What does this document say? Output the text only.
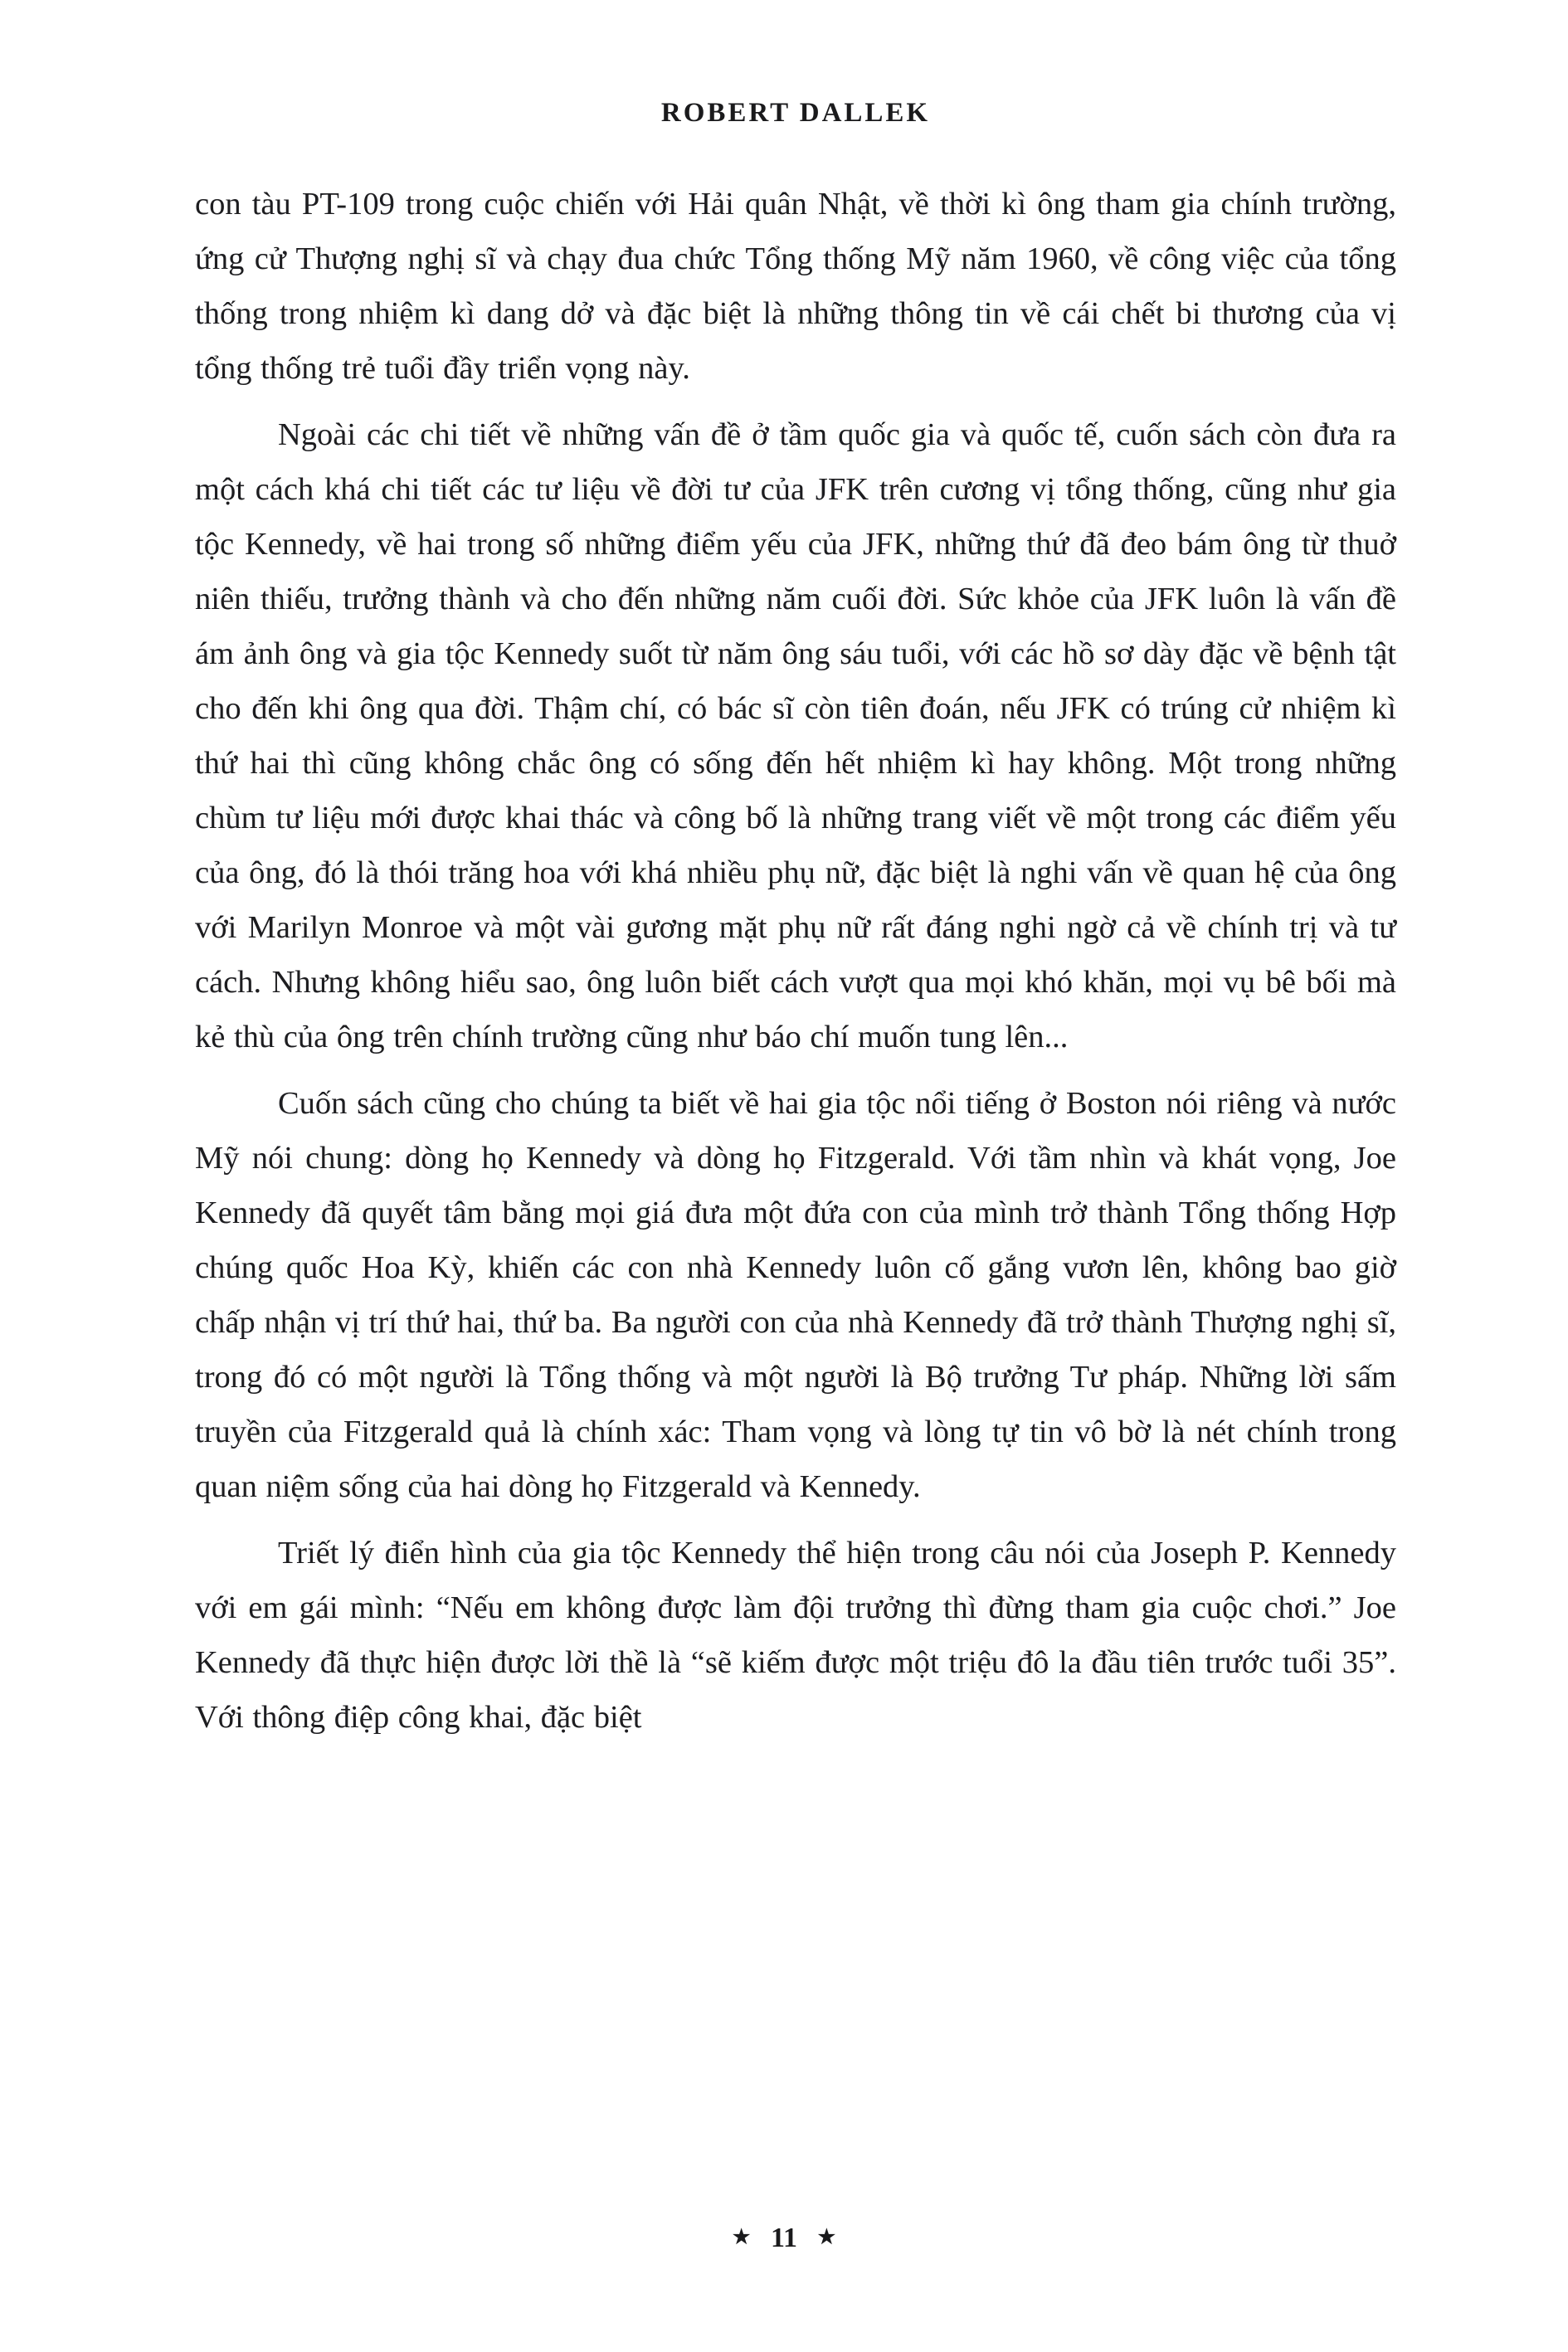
ROBERT DALLEK

con tàu PT-109 trong cuộc chiến với Hải quân Nhật, về thời kì ông tham gia chính trường, ứng cử Thượng nghị sĩ và chạy đua chức Tổng thống Mỹ năm 1960, về công việc của tổng thống trong nhiệm kì dang dở và đặc biệt là những thông tin về cái chết bi thương của vị tổng thống trẻ tuổi đầy triển vọng này.

Ngoài các chi tiết về những vấn đề ở tầm quốc gia và quốc tế, cuốn sách còn đưa ra một cách khá chi tiết các tư liệu về đời tư của JFK trên cương vị tổng thống, cũng như gia tộc Kennedy, về hai trong số những điểm yếu của JFK, những thứ đã đeo bám ông từ thuở niên thiếu, trưởng thành và cho đến những năm cuối đời. Sức khỏe của JFK luôn là vấn đề ám ảnh ông và gia tộc Kennedy suốt từ năm ông sáu tuổi, với các hồ sơ dày đặc về bệnh tật cho đến khi ông qua đời. Thậm chí, có bác sĩ còn tiên đoán, nếu JFK có trúng cử nhiệm kì thứ hai thì cũng không chắc ông có sống đến hết nhiệm kì hay không. Một trong những chùm tư liệu mới được khai thác và công bố là những trang viết về một trong các điểm yếu của ông, đó là thói trăng hoa với khá nhiều phụ nữ, đặc biệt là nghi vấn về quan hệ của ông với Marilyn Monroe và một vài gương mặt phụ nữ rất đáng nghi ngờ cả về chính trị và tư cách. Nhưng không hiểu sao, ông luôn biết cách vượt qua mọi khó khăn, mọi vụ bê bối mà kẻ thù của ông trên chính trường cũng như báo chí muốn tung lên...

Cuốn sách cũng cho chúng ta biết về hai gia tộc nổi tiếng ở Boston nói riêng và nước Mỹ nói chung: dòng họ Kennedy và dòng họ Fitzgerald. Với tầm nhìn và khát vọng, Joe Kennedy đã quyết tâm bằng mọi giá đưa một đứa con của mình trở thành Tổng thống Hợp chúng quốc Hoa Kỳ, khiến các con nhà Kennedy luôn cố gắng vươn lên, không bao giờ chấp nhận vị trí thứ hai, thứ ba. Ba người con của nhà Kennedy đã trở thành Thượng nghị sĩ, trong đó có một người là Tổng thống và một người là Bộ trưởng Tư pháp. Những lời sấm truyền của Fitzgerald quả là chính xác: Tham vọng và lòng tự tin vô bờ là nét chính trong quan niệm sống của hai dòng họ Fitzgerald và Kennedy.

Triết lý điển hình của gia tộc Kennedy thể hiện trong câu nói của Joseph P. Kennedy với em gái mình: “Nếu em không được làm đội trưởng thì đừng tham gia cuộc chơi.” Joe Kennedy đã thực hiện được lời thề là “sẽ kiếm được một triệu đô la đầu tiên trước tuổi 35”. Với thông điệp công khai, đặc biệt

★ 11 ★
